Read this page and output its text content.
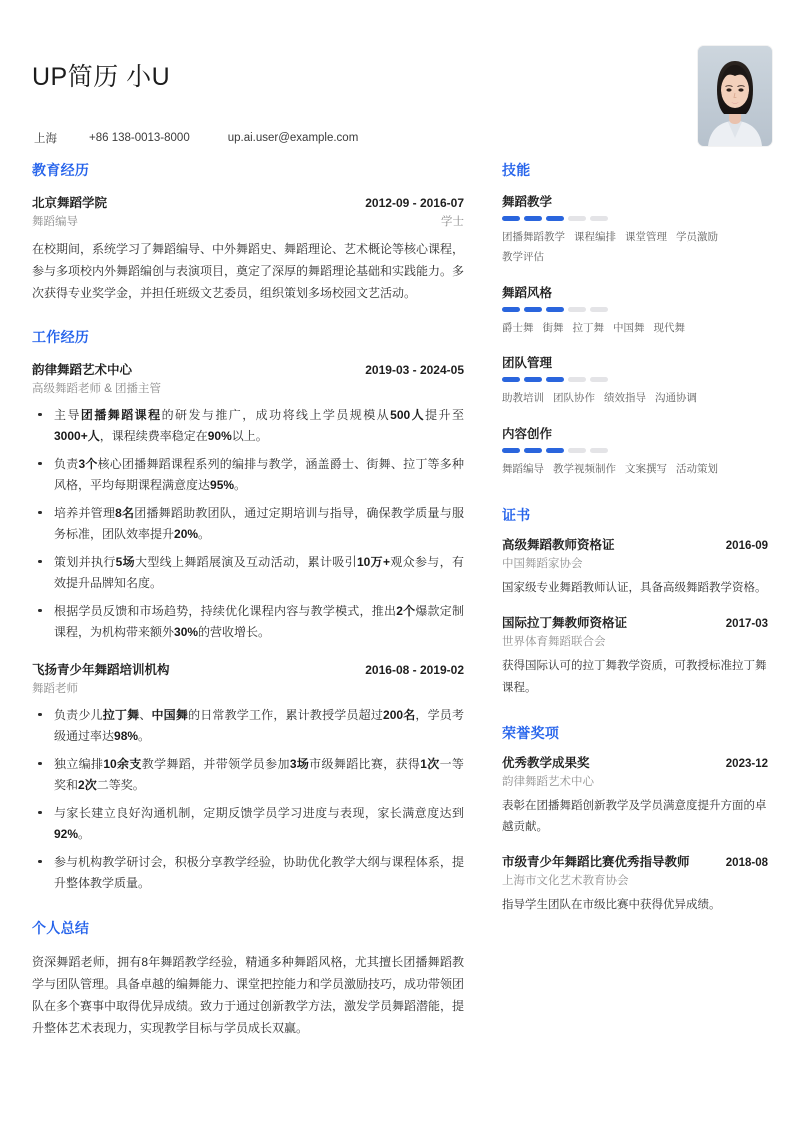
UP简历 小U
上海	+86 138-0013-8000	up.ai.user@example.com
教育经历
北京舞蹈学院	2012-09 - 2016-07
舞蹈编导	学士
在校期间，系统学习了舞蹈编导、中外舞蹈史、舞蹈理论、艺术概论等核心课程，参与多项校内外舞蹈编创与表演项目，奠定了深厚的舞蹈理论基础和实践能力。多次获得专业奖学金，并担任班级文艺委员，组织策划多场校园文艺活动。
工作经历
韵律舞蹈艺术中心	2019-03 - 2024-05
高级舞蹈老师 & 团播主管
主导团播舞蹈课程的研发与推广，成功将线上学员规模从500人提升至3000+人，课程续费率稳定在90%以上。
负责3个核心团播舞蹈课程系列的编排与教学，涵盖爵士、街舞、拉丁等多种风格，平均每期课程满意度达95%。
培养并管理8名团播舞蹈助教团队，通过定期培训与指导，确保教学质量与服务标准，团队效率提升20%。
策划并执行5场大型线上舞蹈展演及互动活动，累计吸引10万+观众参与，有效提升品牌知名度。
根据学员反馈和市场趋势，持续优化课程内容与教学模式，推出2个爆款定制课程，为机构带来额外30%的营收增长。
飞扬青少年舞蹈培训机构	2016-08 - 2019-02
舞蹈老师
负责少儿拉丁舞、中国舞的日常教学工作，累计教授学员超过200名，学员考级通过率达98%。
独立编排10余支教学舞蹈，并带领学员参加3场市级舞蹈比赛，获得1次一等奖和2次二等奖。
与家长建立良好沟通机制，定期反馈学员学习进度与表现，家长满意度达到92%。
参与机构教学研讨会，积极分享教学经验，协助优化教学大纲与课程体系，提升整体教学质量。
个人总结
资深舞蹈老师，拥有8年舞蹈教学经验，精通多种舞蹈风格，尤其擅长团播舞蹈教学与团队管理。具备卓越的编舞能力、课堂把控能力和学员激励技巧，成功带领团队在多个赛事中取得优异成绩。致力于通过创新教学方法，激发学员舞蹈潜能，提升整体艺术表现力，实现教学目标与学员成长双赢。
技能
舞蹈教学
团播舞蹈教学 课程编排 课堂管理 学员激励教学评估
舞蹈风格
爵士舞 街舞 拉丁舞 中国舞 现代舞
团队管理
助教培训 团队协作 绩效指导 沟通协调
内容创作
舞蹈编导 教学视频制作 文案撰写 活动策划
证书
高级舞蹈教师资格证	2016-09
中国舞蹈家协会
国家级专业舞蹈教师认证，具备高级舞蹈教学资格。
国际拉丁舞教师资格证	2017-03
世界体育舞蹈联合会
获得国际认可的拉丁舞教学资质，可教授标准拉丁舞课程。
荣誉奖项
优秀教学成果奖	2023-12
韵律舞蹈艺术中心
表彰在团播舞蹈创新教学及学员满意度提升方面的卓越贡献。
市级青少年舞蹈比赛优秀指导教师	2018-08
上海市文化艺术教育协会
指导学生团队在市级比赛中获得优异成绩。
